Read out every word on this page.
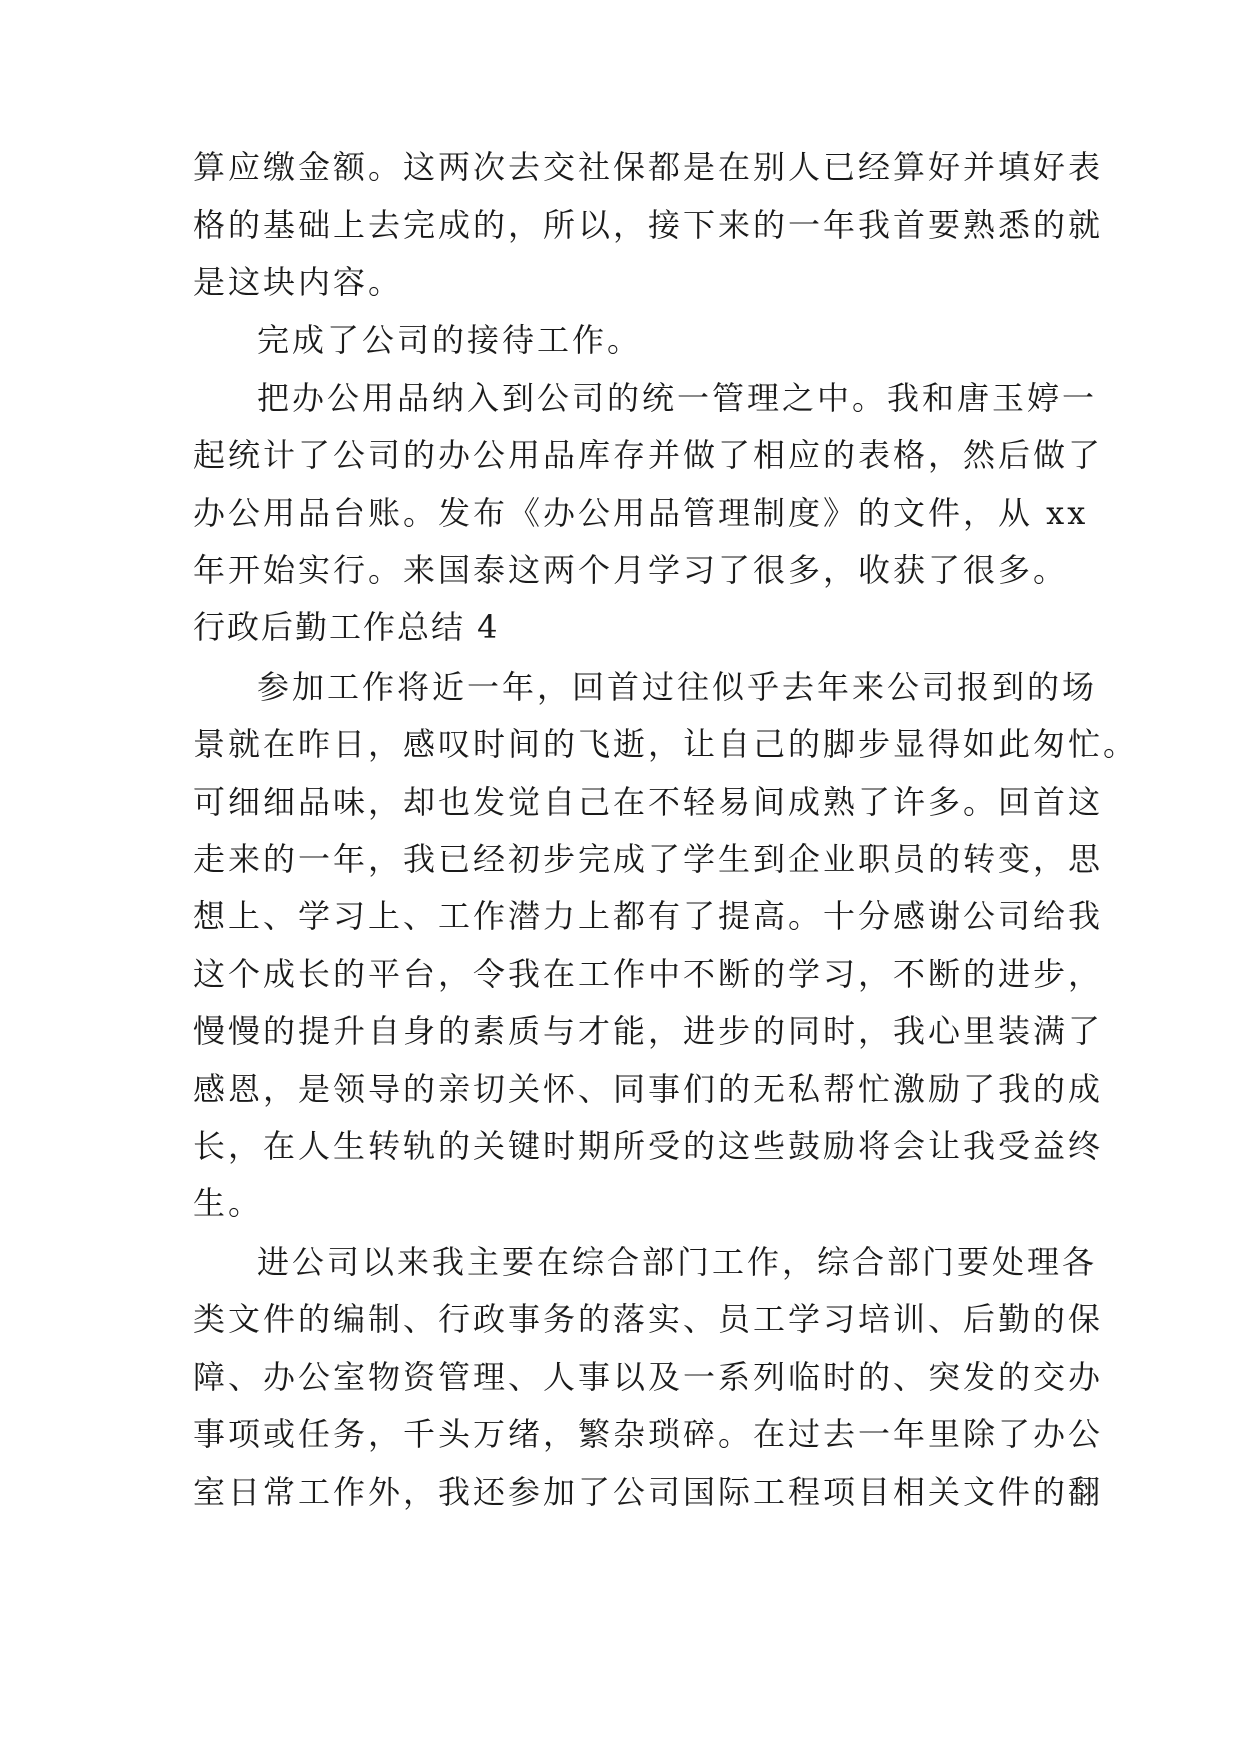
算应缴金额。这两次去交社保都是在别人已经算好并填好表
格的基础上去完成的，所以，接下来的一年我首要熟悉的就
是这块内容。
完成了公司的接待工作。
把办公用品纳入到公司的统一管理之中。我和唐玉婷一
起统计了公司的办公用品库存并做了相应的表格，然后做了
办公用品台账。发布《办公用品管理制度》的文件，从 xx
年开始实行。来国泰这两个月学习了很多，收获了很多。
行政后勤工作总结 4
参加工作将近一年，回首过往似乎去年来公司报到的场
景就在昨日，感叹时间的飞逝，让自己的脚步显得如此匆忙。
可细细品味，却也发觉自己在不轻易间成熟了许多。回首这
走来的一年，我已经初步完成了学生到企业职员的转变，思
想上、学习上、工作潜力上都有了提高。十分感谢公司给我
这个成长的平台，令我在工作中不断的学习，不断的进步，
慢慢的提升自身的素质与才能，进步的同时，我心里装满了
感恩，是领导的亲切关怀、同事们的无私帮忙激励了我的成
长，在人生转轨的关键时期所受的这些鼓励将会让我受益终
生。
进公司以来我主要在综合部门工作，综合部门要处理各
类文件的编制、行政事务的落实、员工学习培训、后勤的保
障、办公室物资管理、人事以及一系列临时的、突发的交办
事项或任务，千头万绪，繁杂琐碎。在过去一年里除了办公
室日常工作外，我还参加了公司国际工程项目相关文件的翻
